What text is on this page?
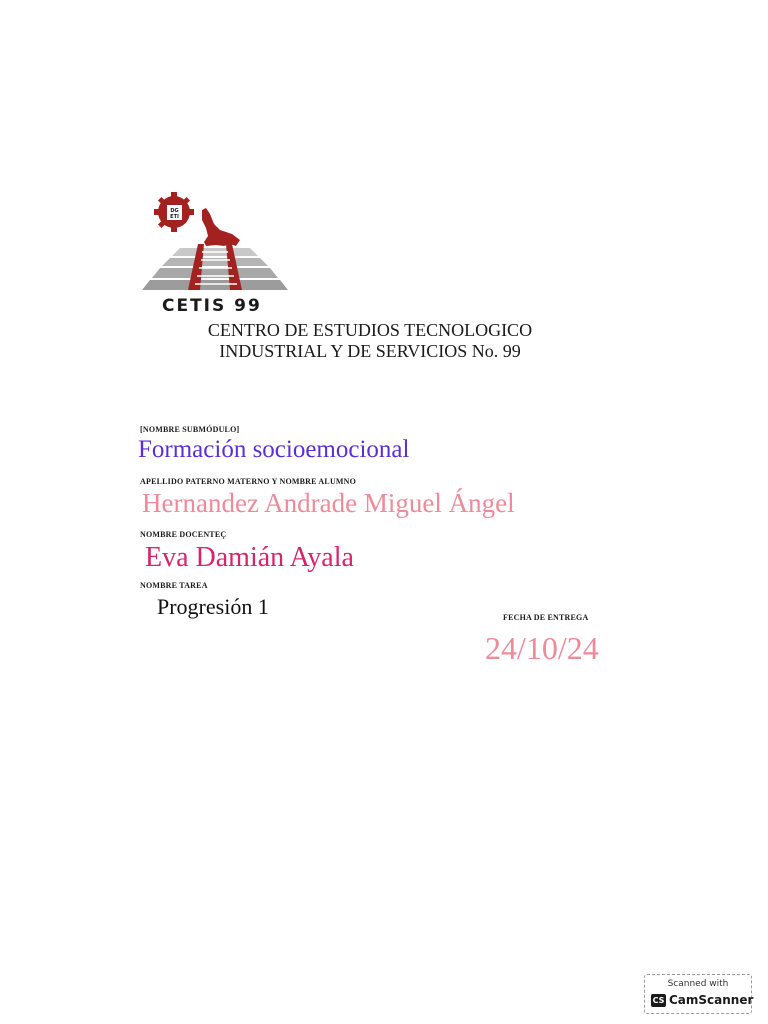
DG
ETI
CETIS 99
CENTRO DE ESTUDIOS TECNOLOGICO
INDUSTRIAL Y DE SERVICIOS No. 99
[NOMBRE SUBMÓDULO]
Formación socioemocional
APELLIDO PATERNO MATERNO Y NOMBRE ALUMNO
Hernandez Andrade Miguel Ángel
NOMBRE DOCENTEÇ
Eva Damián Ayala
NOMBRE TAREA
Progresión 1	FECHA DE ENTREGA
24/10/24
Scanned with
CS CamScanner
